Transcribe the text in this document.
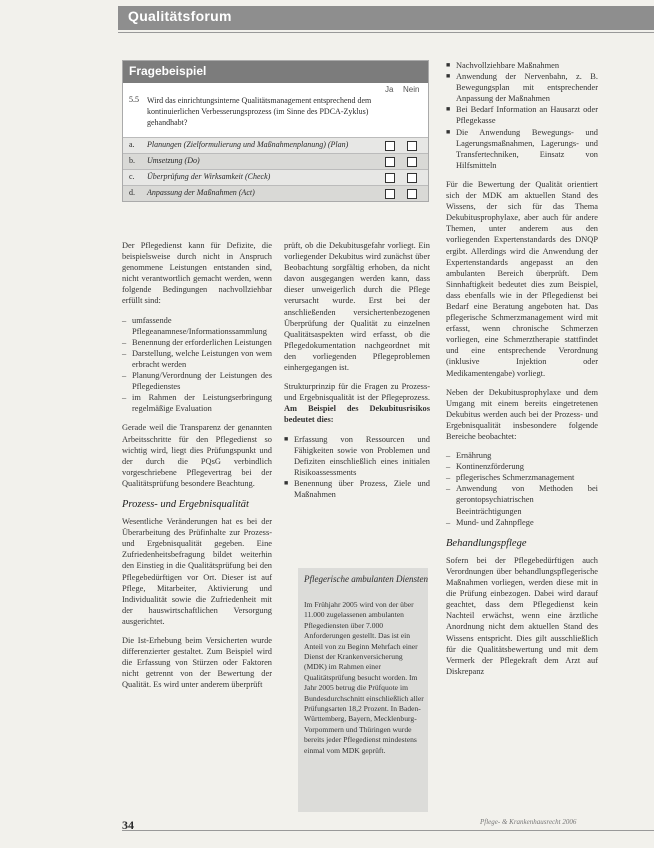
Qualitätsforum
Fragebeispiel
Ja Nein
5.5 Wird das einrichtungsinterne Qualitätsmanagement entsprechend dem kontinuierlichen Verbesserungsprozess (im Sinne des PDCA-Zyklus) gehandhabt?
a. Planungen (Zielformulierung und Maßnahmenplanung) (Plan)
b. Umsetzung (Do)
c. Überprüfung der Wirksamkeit (Check)
d. Anpassung der Maßnahmen (Act)

Der Pflegedienst kann für Defizite, die beispielsweise durch nicht in Anspruch genommene Leistungen entstanden sind, nicht verantwortlich gemacht werden, wenn folgende Bedingungen nachvollziehbar erfüllt sind:

– umfassende Pflegeanamnese/Informationssammlung
– Benennung der erforderlichen Leistungen
– Darstellung, welche Leistungen von wem erbracht werden
– Planung/Verordnung der Leistungen des Pflegedienstes
– im Rahmen der Leistungserbringung regelmäßige Evaluation

Gerade weil die Transparenz der genannten Arbeitsschritte für den Pflegedienst so wichtig wird, liegt dies Prüfungspunkt und der durch die PQsG verbindlich vorgeschriebene Pflegevertrag bei der Qualitätsprüfung besondere Beachtung.

Prozess- und Ergebnisqualität

Wesentliche Veränderungen hat es bei der Überarbeitung des Prüfinhalte zur Prozess- und Ergebnisqualität gegeben. Eine Zufriedenheitsbefragung bildet weiterhin den Einstieg in die Qualitätsprüfung bei den Pflegebedürftigen vor Ort. Dieser ist auf Pflege, Mitarbeiter, Aktivierung und Individualität sowie die Zufriedenheit mit der hauswirtschaftlichen Versorgung ausgerichtet.

Die Ist-Erhebung beim Versicherten wurde differenzierter gestaltet. Zum Beispiel wird die Erfassung von Stürzen oder Faktoren nicht getrennt von der Bewertung der Qualität. Es wird unter anderem überprüft

prüft, ob die Dekubitusgefahr vorliegt. Ein vorliegender Dekubitus wird zunächst über Beobachtung sorgfältig erhoben, da nicht davon ausgegangen werden kann, dass dieser unweigerlich durch die Pflege verursacht wurde. Erst bei der anschließenden versichertenbezogenen Überprüfung der Qualität zu einzelnen Qualitätsaspekten wird erfasst, ob die Pflegedokumentation nachgeordnet mit den vorliegenden Pflegeproblemen einhergegangen ist.

Strukturprinzip für die Fragen zu Prozess- und Ergebnisqualität ist der Pflegeprozess. Am Beispiel des Dekubitusrisikos bedeutet dies:

■ Erfassung von Ressourcen und Fähigkeiten sowie von Problemen und Defiziten einschließlich eines initialen Risikoassessments
■ Benennung über Prozess, Ziele und Maßnahmen
Pflegerische ambulanten Diensten
Im Frühjahr 2005 wird von der über 11.000 zugelassenen ambulanten Pflegediensten über 7.000 Anforderungen gestellt. Das ist ein Anteil von zu Beginn Mehrfach einer Dienst der Krankenversicherung (MDK) im Rahmen einer Qualitätsprüfung besucht worden. Im Jahr 2005 betrug die Prüfquote im Bundesdurchschnitt einschließlich aller Prüfungsarten 18,2 Prozent. In Baden-Württemberg, Bayern, Mecklenburg-Vorpommern und Thüringen wurde bereits jeder Pflegedienst mindestens einmal vom MDK geprüft.
■ Nachvollziehbare Maßnahmen
■ Anwendung der Nervenbahn, z. B. Bewegungsplan mit entsprechender Anpassung der Maßnahmen
■ Bei Bedarf Information an Hausarzt oder Pflegekasse
■ Die Anwendung Bewegungs- und Lagerungsmaßnahmen, Lagerungs- und Transfertechniken, Einsatz von Hilfsmitteln

Für die Bewertung der Qualität orientiert sich der MDK am aktuellen Stand des Wissens, der sich für das Thema Dekubitusprophylaxe, aber auch für andere Themen, unter anderem aus den vorliegenden Expertenstandards des DNQP ergibt. Allerdings wird die Anwendung der Expertenstandards angepasst an den ambulanten Bereich überprüft. Dem Sinnhaftigkeit bedeutet dies zum Beispiel, dass ebenfalls wie in der Pflegedienst bei Bedarf eine Beratung angeboten hat. Das pflegerische Schmerzmanagement wird mit erfasst, wenn chronische Schmerzen vorliegen, eine Schmerztherapie stattfindet und eine entsprechende Verordnung (inklusive Injektion oder Medikamentengabe) vorliegt.

Neben der Dekubitusprophylaxe und dem Umgang mit einem bereits eingetretenen Dekubitus werden auch bei der Prozess- und Ergebnisqualität insbesondere folgende Bereiche beobachtet:

– Ernährung
– Kontinenzförderung
– pflegerisches Schmerzmanagement
– Anwendung von Methoden bei gerontopsychiatrischen Beeinträchtigungen
– Mund- und Zahnpflege
Behandlungspflege

Sofern bei der Pflegebedürftigen auch Verordnungen über behandlungspflegerische Maßnahmen vorliegen, werden diese mit in die Prüfung einbezogen. Dabei wird darauf geachtet, dass dem Pflegedienst kein Nachteil erwächst, wenn eine ärztliche Anordnung nicht dem aktuellen Stand des Wissens entspricht. Dies gilt ausschließlich für die Qualitätsbewertung und mit dem Vermerk der Pflegekraft dem Arzt auf Diskrepanz

34	Pflege- & Krankenhausrecht 2006
